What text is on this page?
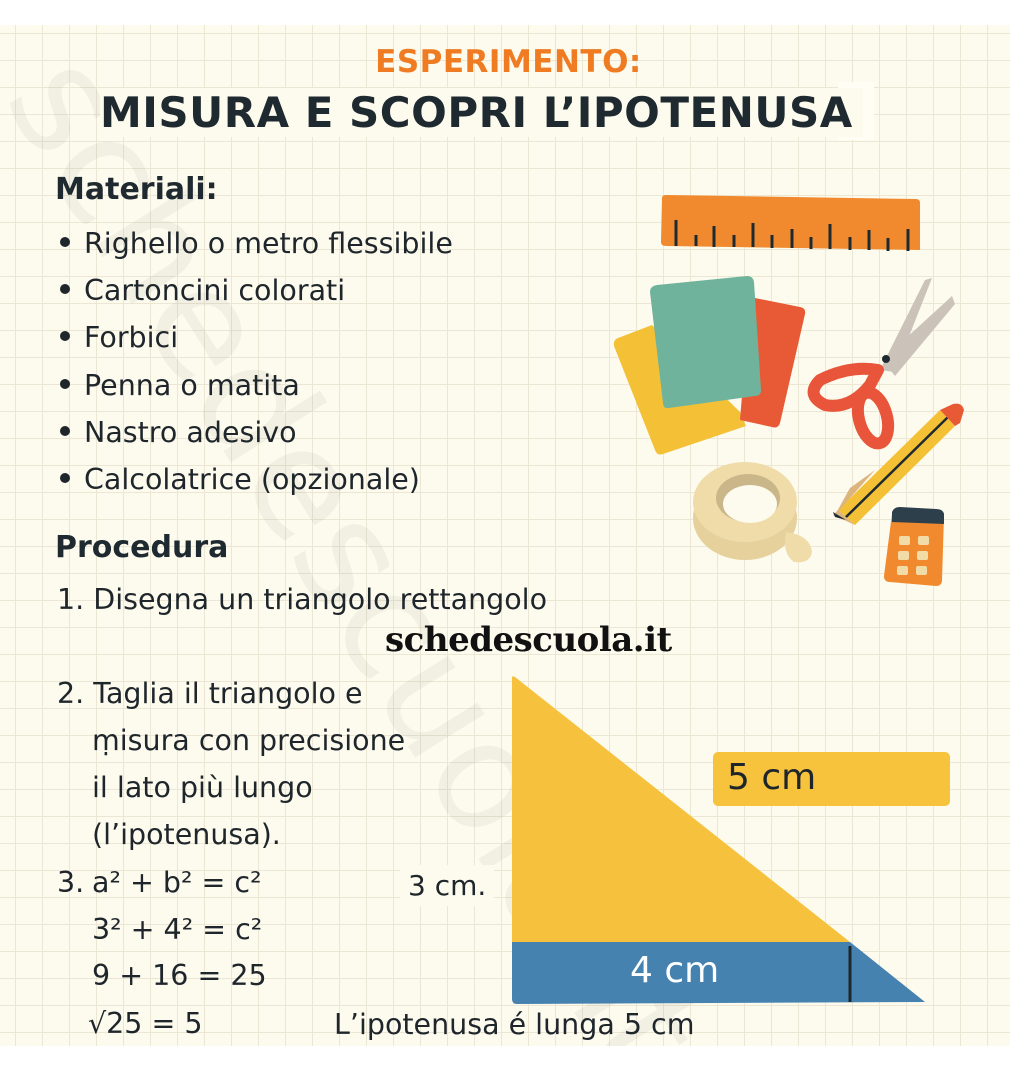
ESPERIMENTO:
MISURA E SCOPRI L’IPOTENUSA
Materiali:
Righello o metro flessibile
Cartoncini colorati
Forbici
Penna o matita
Nastro adesivo
Calcolatrice (opzionale)
Procedura
1. Disegna un triangolo rettangolo
schedescuola.it
2. Taglia il triangolo e
ṃisura con precisione
il lato più lungo
(l’ipotenusa).
3. a² + b² = c²
3² + 4² = c²
9 + 16 = 25
√25 = 5
3 cm.
5 cm
4 cm
L’ipotenusa é lunga 5 cm
